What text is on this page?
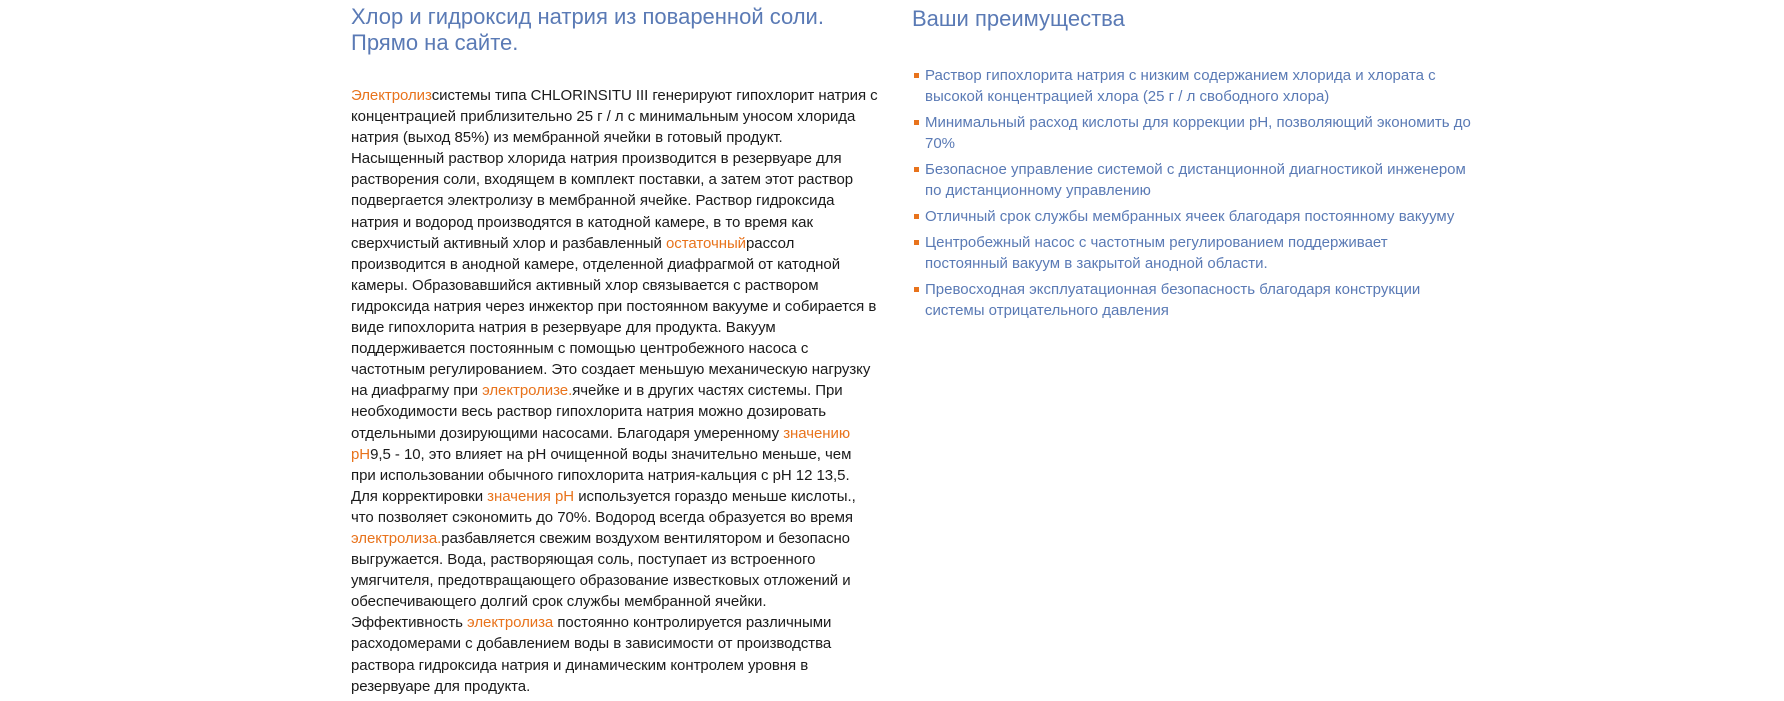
Хлор и гидроксид натрия из поваренной соли.
Прямо на сайте.

Электролизсистемы типа CHLORINSITU III генерируют гипохлорит натрия с концентрацией приблизительно 25 г / л с минимальным уносом хлорида натрия (выход 85%) из мембранной ячейки в готовый продукт. Насыщенный раствор хлорида натрия производится в резервуаре для растворения соли, входящем в комплект поставки, а затем этот раствор подвергается электролизу в мембранной ячейке. Раствор гидроксида натрия и водород производятся в катодной камере, в то время как сверхчистый активный хлор и разбавленный остаточныйрассол производится в анодной камере, отделенной диафрагмой от катодной камеры. Образовавшийся активный хлор связывается с раствором гидроксида натрия через инжектор при постоянном вакууме и собирается в виде гипохлорита натрия в резервуаре для продукта. Вакуум поддерживается постоянным с помощью центробежного насоса с частотным регулированием. Это создает меньшую механическую нагрузку на диафрагму при электролизе.ячейке и в других частях системы. При необходимости весь раствор гипохлорита натрия можно дозировать отдельными дозирующими насосами. Благодаря умеренному значению pH9,5 - 10, это влияет на pH очищенной воды значительно меньше, чем при использовании обычного гипохлорита натрия-кальция с pH 12 13,5. Для корректировки значения pH используется гораздо меньше кислоты., что позволяет сэкономить до 70%. Водород всегда образуется во время электролиза.разбавляется свежим воздухом вентилятором и безопасно выгружается. Вода, растворяющая соль, поступает из встроенного умягчителя, предотвращающего образование известковых отложений и обеспечивающего долгий срок службы мембранной ячейки. Эффективность электролиза постоянно контролируется различными расходомерами с добавлением воды в зависимости от производства раствора гидроксида натрия и динамическим контролем уровня в резервуаре для продукта.

Ваши преимущества
Раствор гипохлорита натрия с низким содержанием хлорида и хлората с высокой концентрацией хлора (25 г / л свободного хлора)
Минимальный расход кислоты для коррекции pH, позволяющий экономить до 70%
Безопасное управление системой с дистанционной диагностикой инженером по дистанционному управлению
Отличный срок службы мембранных ячеек благодаря постоянному вакууму
Центробежный насос с частотным регулированием поддерживает постоянный вакуум в закрытой анодной области.
Превосходная эксплуатационная безопасность благодаря конструкции системы отрицательного давления
